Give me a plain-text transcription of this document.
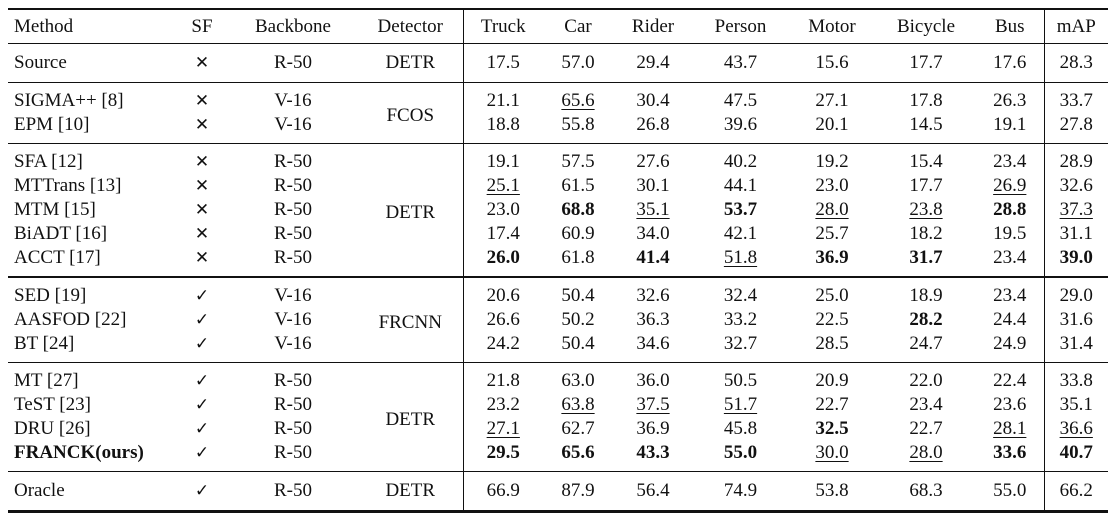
Method	SF	Backbone	Detector	Truck	Car	Rider	Person	Motor	Bicycle	Bus	mAP
Source	✕	R-50	DETR	17.5	57.0	29.4	43.7	15.6	17.7	17.6	28.3
SIGMA++ [8]	✕	V-16	FCOS	21.1	65.6	30.4	47.5	27.1	17.8	26.3	33.7
EPM [10]	✕	V-16		18.8	55.8	26.8	39.6	20.1	14.5	19.1	27.8
SFA [12]	✕	R-50	DETR	19.1	57.5	27.6	40.2	19.2	15.4	23.4	28.9
MTTrans [13]	✕	R-50		25.1	61.5	30.1	44.1	23.0	17.7	26.9	32.6
MTM [15]	✕	R-50		23.0	68.8	35.1	53.7	28.0	23.8	28.8	37.3
BiADT [16]	✕	R-50		17.4	60.9	34.0	42.1	25.7	18.2	19.5	31.1
ACCT [17]	✕	R-50		26.0	61.8	41.4	51.8	36.9	31.7	23.4	39.0
SED [19]	✓	V-16	FRCNN	20.6	50.4	32.6	32.4	25.0	18.9	23.4	29.0
AASFOD [22]	✓	V-16		26.6	50.2	36.3	33.2	22.5	28.2	24.4	31.6
BT [24]	✓	V-16		24.2	50.4	34.6	32.7	28.5	24.7	24.9	31.4
MT [27]	✓	R-50	DETR	21.8	63.0	36.0	50.5	20.9	22.0	22.4	33.8
TeST [23]	✓	R-50		23.2	63.8	37.5	51.7	22.7	23.4	23.6	35.1
DRU [26]	✓	R-50		27.1	62.7	36.9	45.8	32.5	22.7	28.1	36.6
FRANCK(ours)	✓	R-50		29.5	65.6	43.3	55.0	30.0	28.0	33.6	40.7
Oracle	✓	R-50	DETR	66.9	87.9	56.4	74.9	53.8	68.3	55.0	66.2
